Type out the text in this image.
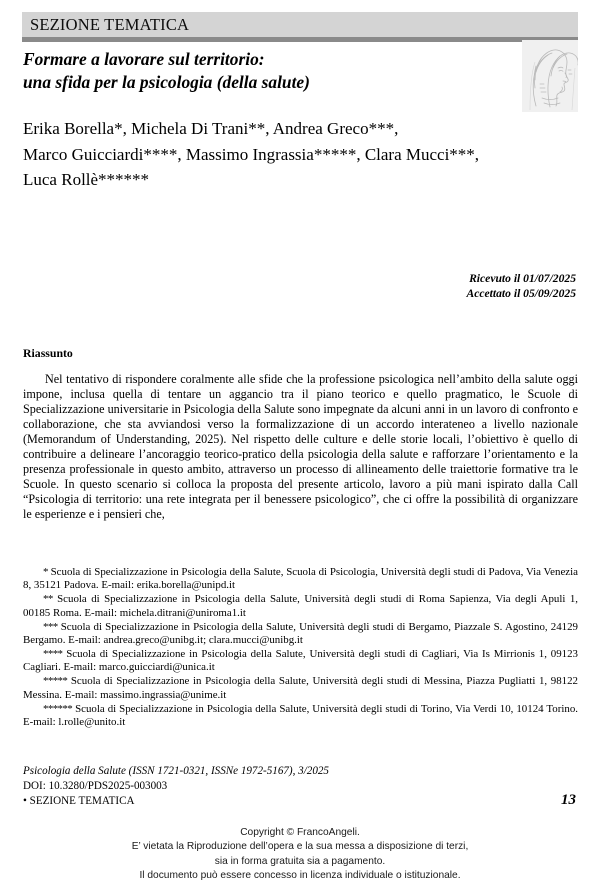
SEZIONE TEMATICA
Formare a lavorare sul territorio:
una sfida per la psicologia (della salute)
Erika Borella*, Michela Di Trani**, Andrea Greco***,
Marco Guicciardi****, Massimo Ingrassia*****, Clara Mucci***,
Luca Rollè******
Ricevuto il 01/07/2025
Accettato il 05/09/2025
Riassunto
Nel tentativo di rispondere coralmente alle sfide che la professione psicologica nell’ambito della salute oggi impone, inclusa quella di tentare un aggancio tra il piano teorico e quello pragmatico, le Scuole di Specializzazione universitarie in Psicologia della Salute sono impegnate da alcuni anni in un lavoro di confronto e collaborazione, che sta avviandosi verso la formalizzazione di un accordo interateneo a livello nazionale (Memorandum of Understanding, 2025). Nel rispetto delle culture e delle storie locali, l’obiettivo è quello di contribuire a delineare l’ancoraggio teorico-pratico della psicologia della salute e rafforzare l’orientamento e la presenza professionale in questo ambito, attraverso un processo di allineamento delle traiettorie formative tra le Scuole. In questo scenario si colloca la proposta del presente articolo, lavoro a più mani ispirato dalla Call “Psicologia di territorio: una rete integrata per il benessere psicologico”, che ci offre la possibilità di organizzare le esperienze e i pensieri che,

* Scuola di Specializzazione in Psicologia della Salute, Scuola di Psicologia, Università degli studi di Padova, Via Venezia 8, 35121 Padova. E-mail: erika.borella@unipd.it

** Scuola di Specializzazione in Psicologia della Salute, Università degli studi di Roma Sapienza, Via degli Apuli 1, 00185 Roma. E-mail: michela.ditrani@uniroma1.it

*** Scuola di Specializzazione in Psicologia della Salute, Università degli studi di Bergamo, Piazzale S. Agostino, 24129 Bergamo. E-mail: andrea.greco@unibg.it; clara.mucci@unibg.it

**** Scuola di Specializzazione in Psicologia della Salute, Università degli studi di Cagliari, Via Is Mirrionis 1, 09123 Cagliari. E-mail: marco.guicciardi@unica.it

***** Scuola di Specializzazione in Psicologia della Salute, Università degli studi di Messina, Piazza Pugliatti 1, 98122 Messina. E-mail: massimo.ingrassia@unime.it

****** Scuola di Specializzazione in Psicologia della Salute, Università degli studi di Torino, Via Verdi 10, 10124 Torino. E-mail: l.rolle@unito.it

Psicologia della Salute (ISSN 1721-0321, ISSNe 1972-5167), 3/2025
DOI: 10.3280/PDS2025-003003
• SEZIONE TEMATICA	13
Copyright © FrancoAngeli.
E’ vietata la Riproduzione dell’opera e la sua messa a disposizione di terzi,
sia in forma gratuita sia a pagamento.
Il documento può essere concesso in licenza individuale o istituzionale.
